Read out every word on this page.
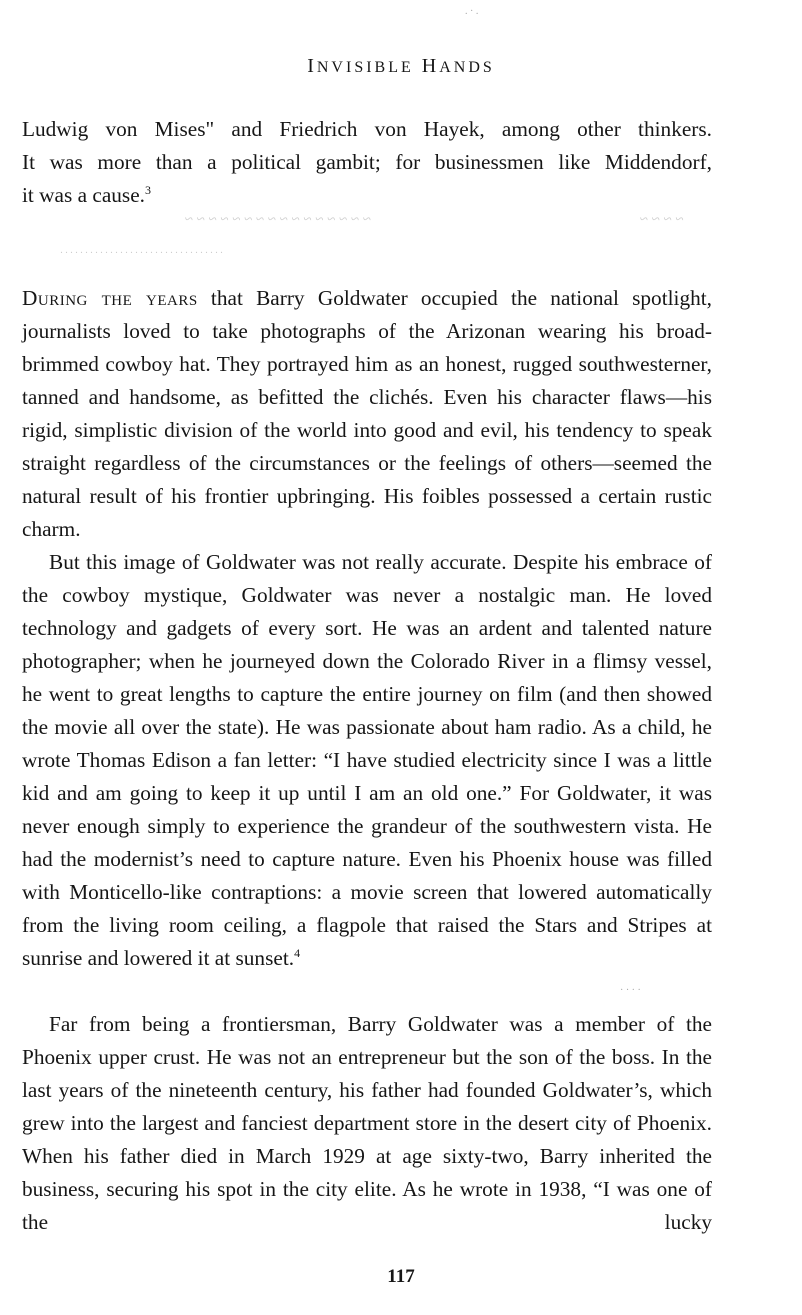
INVISIBLE HANDS

Ludwig von Mises" and Friedrich von Hayek, among other thinkers.

It was more than a political gambit; for businessmen like Middendorf,

it was a cause.$^3$

~ ~ ~ ~ ~ ~ ~ ~ ~ ~ ~ ~ ~ ~ ~ ~	~ ~ ~ ~
. . . . . . . . . . . . . . . . . . . . . . . . . . . . . . . . .
. · .
· · · ·

During the years that Barry Goldwater occupied the national spotlight, journalists loved to take photographs of the Arizonan wearing his broad-brimmed cowboy hat. They portrayed him as an honest, rugged southwesterner, tanned and handsome, as befitted the clichés. Even his character flaws—his rigid, simplistic division of the world into good and evil, his tendency to speak straight regardless of the circumstances or the feelings of others—seemed the natural result of his frontier upbringing. His foibles possessed a certain rustic charm.

But this image of Goldwater was not really accurate. Despite his embrace of the cowboy mystique, Goldwater was never a nostalgic man. He loved technology and gadgets of every sort. He was an ardent and talented nature photographer; when he journeyed down the Colorado River in a flimsy vessel, he went to great lengths to capture the entire journey on film (and then showed the movie all over the state). He was passionate about ham radio. As a child, he wrote Thomas Edison a fan letter: “I have studied electricity since I was a little kid and am going to keep it up until I am an old one.” For Goldwater, it was never enough simply to experience the grandeur of the southwestern vista. He had the modernist’s need to capture nature. Even his Phoenix house was filled with Monticello-like contraptions: a movie screen that lowered automatically from the living room ceiling, a flagpole that raised the Stars and Stripes at sunrise and lowered it at sunset.$^4$

Far from being a frontiersman, Barry Goldwater was a member of the Phoenix upper crust. He was not an entrepreneur but the son of the boss. In the last years of the nineteenth century, his father had founded Goldwater’s, which grew into the largest and fanciest department store in the desert city of Phoenix. When his father died in March 1929 at age sixty-two, Barry inherited the business, securing his spot in the city elite. As he wrote in 1938, “I was one of the lucky

117
